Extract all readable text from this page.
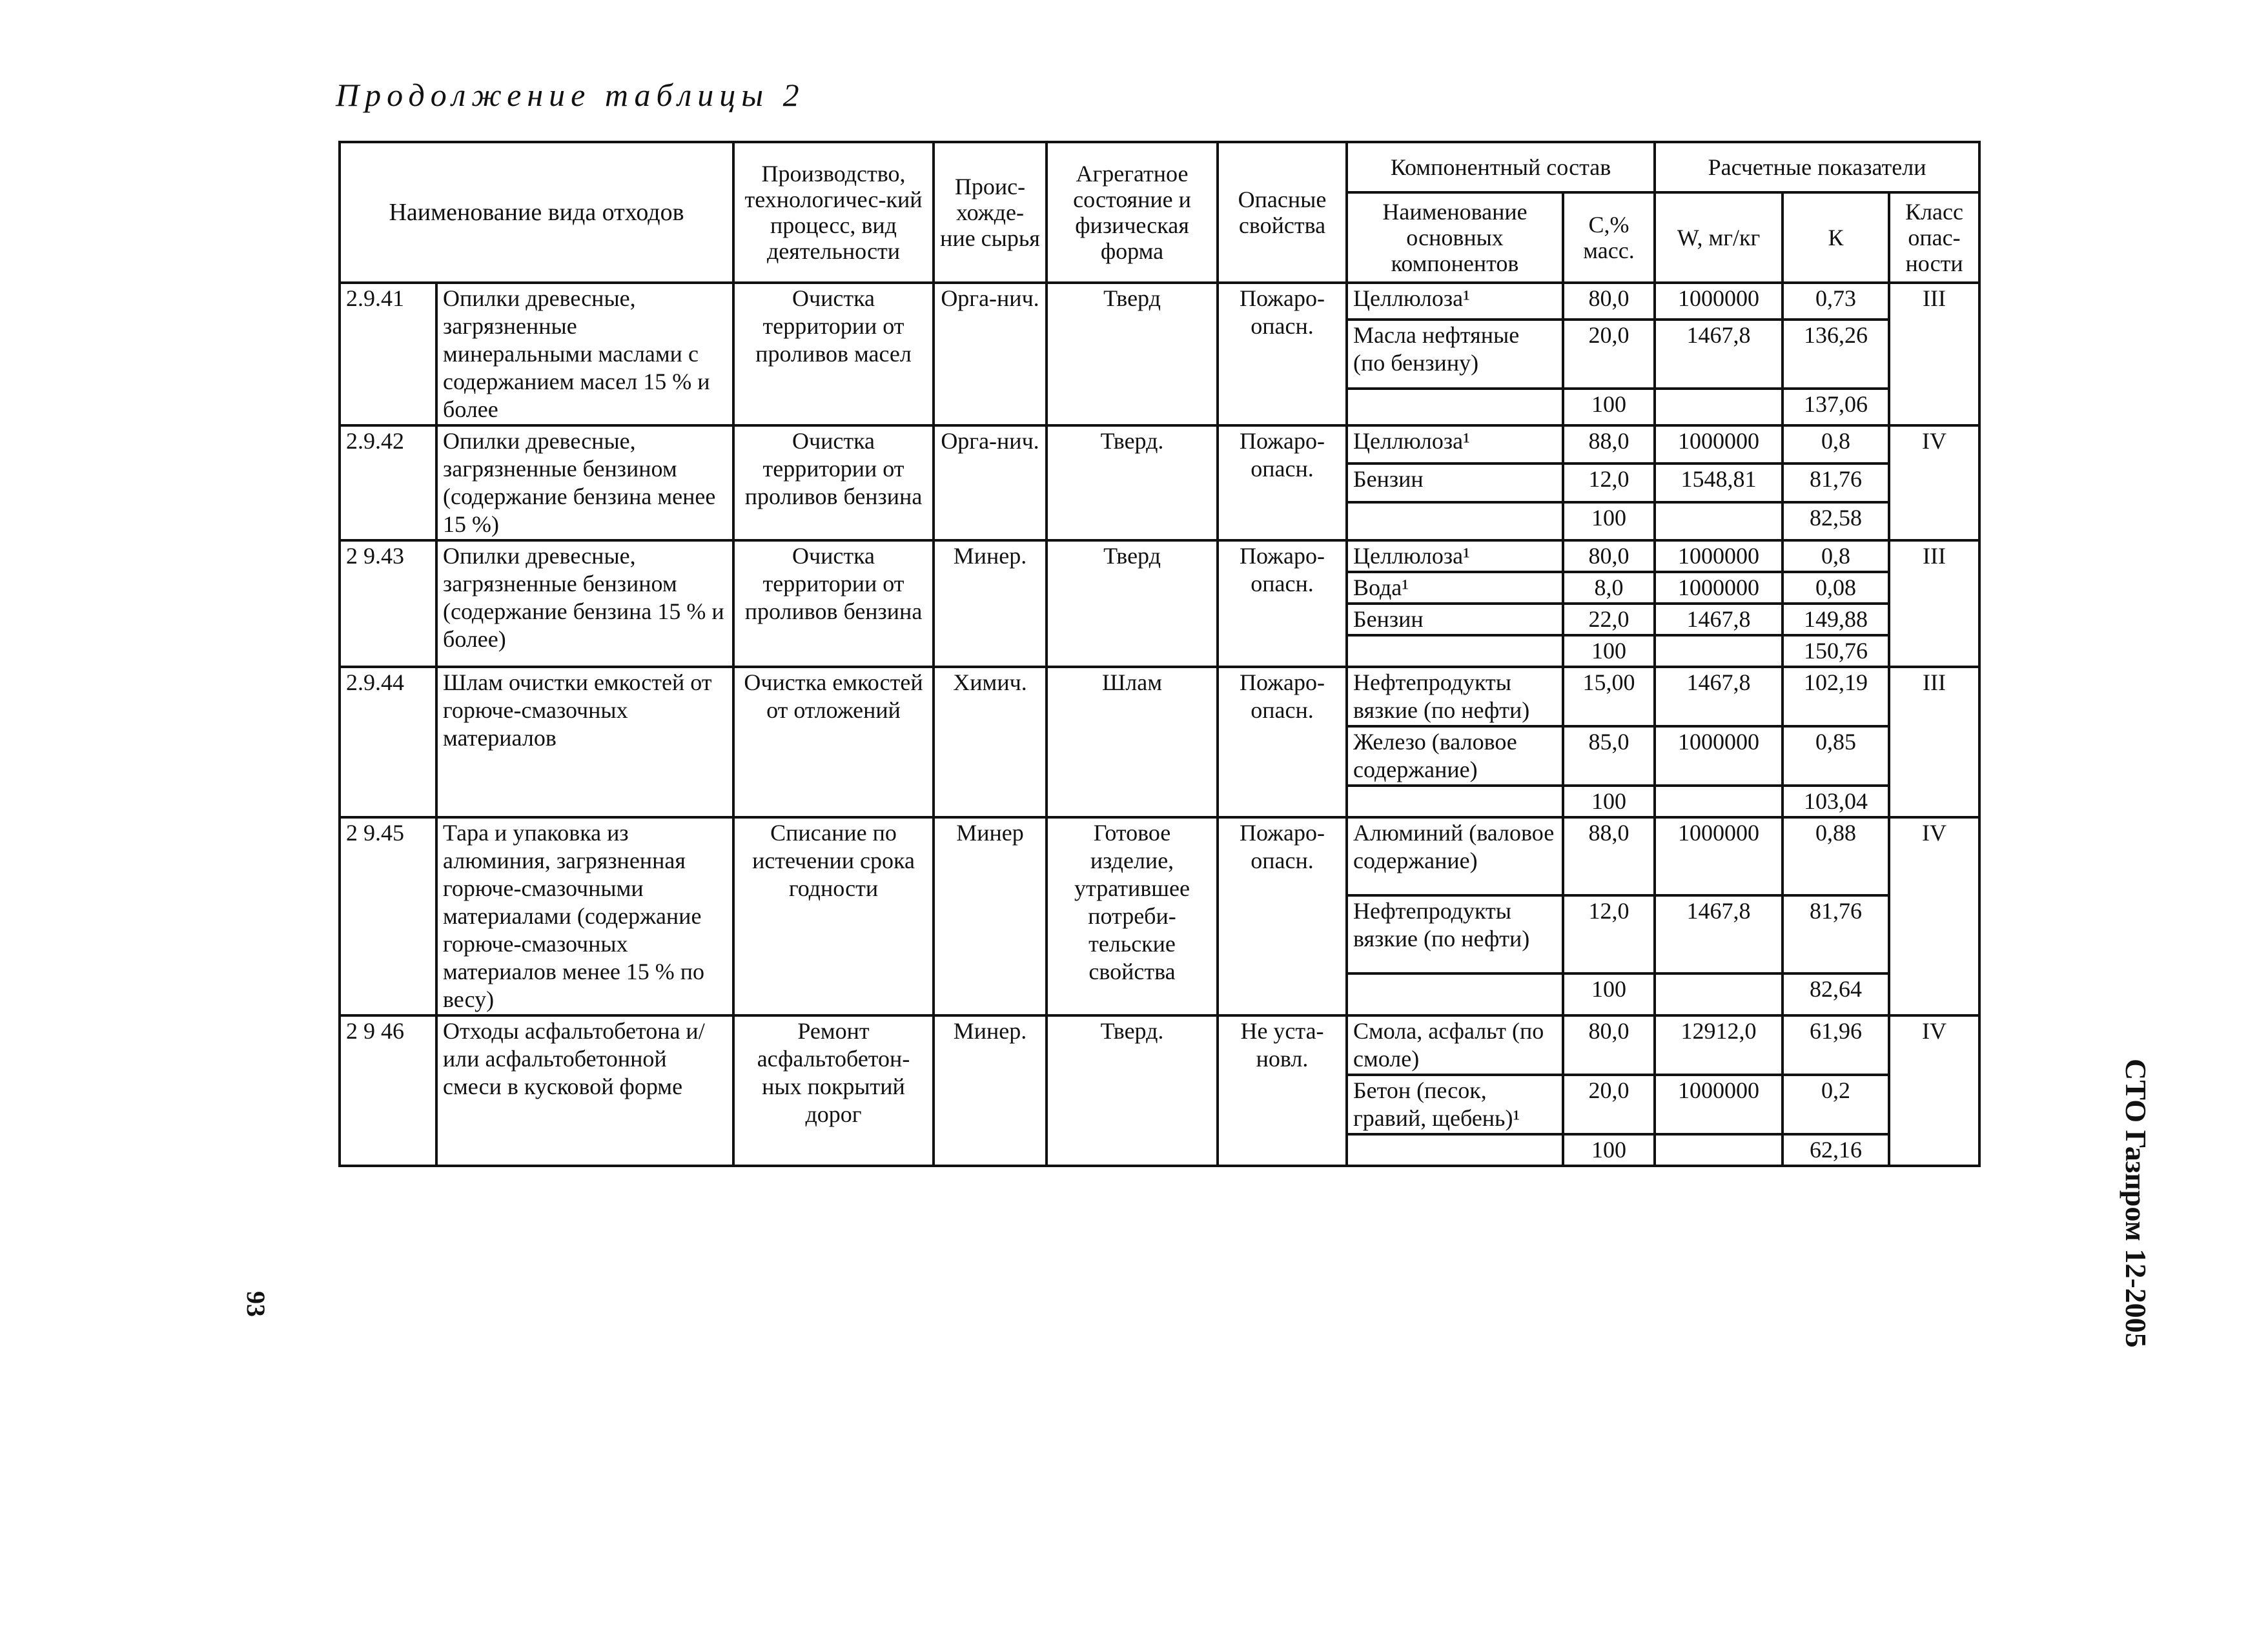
Продолжение таблицы 2
Наименование вида отходов		Производство, технологичес-кий процесс, вид деятельности	Проис-хожде-ние сырья	Агрегатное состояние и физическая форма	Опасные свойства	Компонентный состав		Расчетные показатели		
						Наименование основных компонентов	С,% масс.	W, мг/кг	К	Класс опас-ности
2.9.41	Опилки древесные, загрязненные минеральными маслами с содержанием масел 15 % и более	Очистка территории от проливов масел	Орга-нич.	Тверд	Пожаро-опасн.	Целлюлоза¹	80,0	1000000	0,73	III
						Масла нефтяные (по бензину)	20,0	1467,8	136,26	
							100		137,06	
2.9.42	Опилки древесные, загрязненные бензином (содержание бензина менее 15 %)	Очистка территории от проливов бензина	Орга-нич.	Тверд.	Пожаро-опасн.	Целлюлоза¹	88,0	1000000	0,8	IV
						Бензин	12,0	1548,81	81,76	
							100		82,58	
2 9.43	Опилки древесные, загрязненные бензином (содержание бензина 15 % и более)	Очистка территории от проливов бензина	Минер.	Тверд	Пожаро-опасн.	Целлюлоза¹	80,0	1000000	0,8	III
						Вода¹	8,0	1000000	0,08	
						Бензин	22,0	1467,8	149,88	
							100		150,76	
2.9.44	Шлам очистки емкостей от горюче-смазочных материалов	Очистка емкостей от отложений	Химич.	Шлам	Пожаро-опасн.	Нефтепродукты вязкие (по нефти)	15,00	1467,8	102,19	III
						Железо (валовое содержание)	85,0	1000000	0,85	
							100		103,04	
2 9.45	Тара и упаковка из алюминия, загрязненная горюче-смазочными материалами (содержание горюче-смазочных материалов менее 15 % по весу)	Списание по истечении срока годности	Минер	Готовое изделие, утратившее потреби-тельские свойства	Пожаро-опасн.	Алюминий (валовое содержание)	88,0	1000000	0,88	IV
						Нефтепродукты вязкие (по нефти)	12,0	1467,8	81,76	
							100		82,64	
2 9 46	Отходы асфальтобетона и/или асфальтобетонной смеси в кусковой форме	Ремонт асфальтобетон-ных покрытий дорог	Минер.	Тверд.	Не уста-новл.	Смола, асфальт (по смоле)	80,0	12912,0	61,96	IV
						Бетон (песок, гравий, щебень)¹	20,0	1000000	0,2	
							100		62,16	
93	СТО Газпром 12-2005
